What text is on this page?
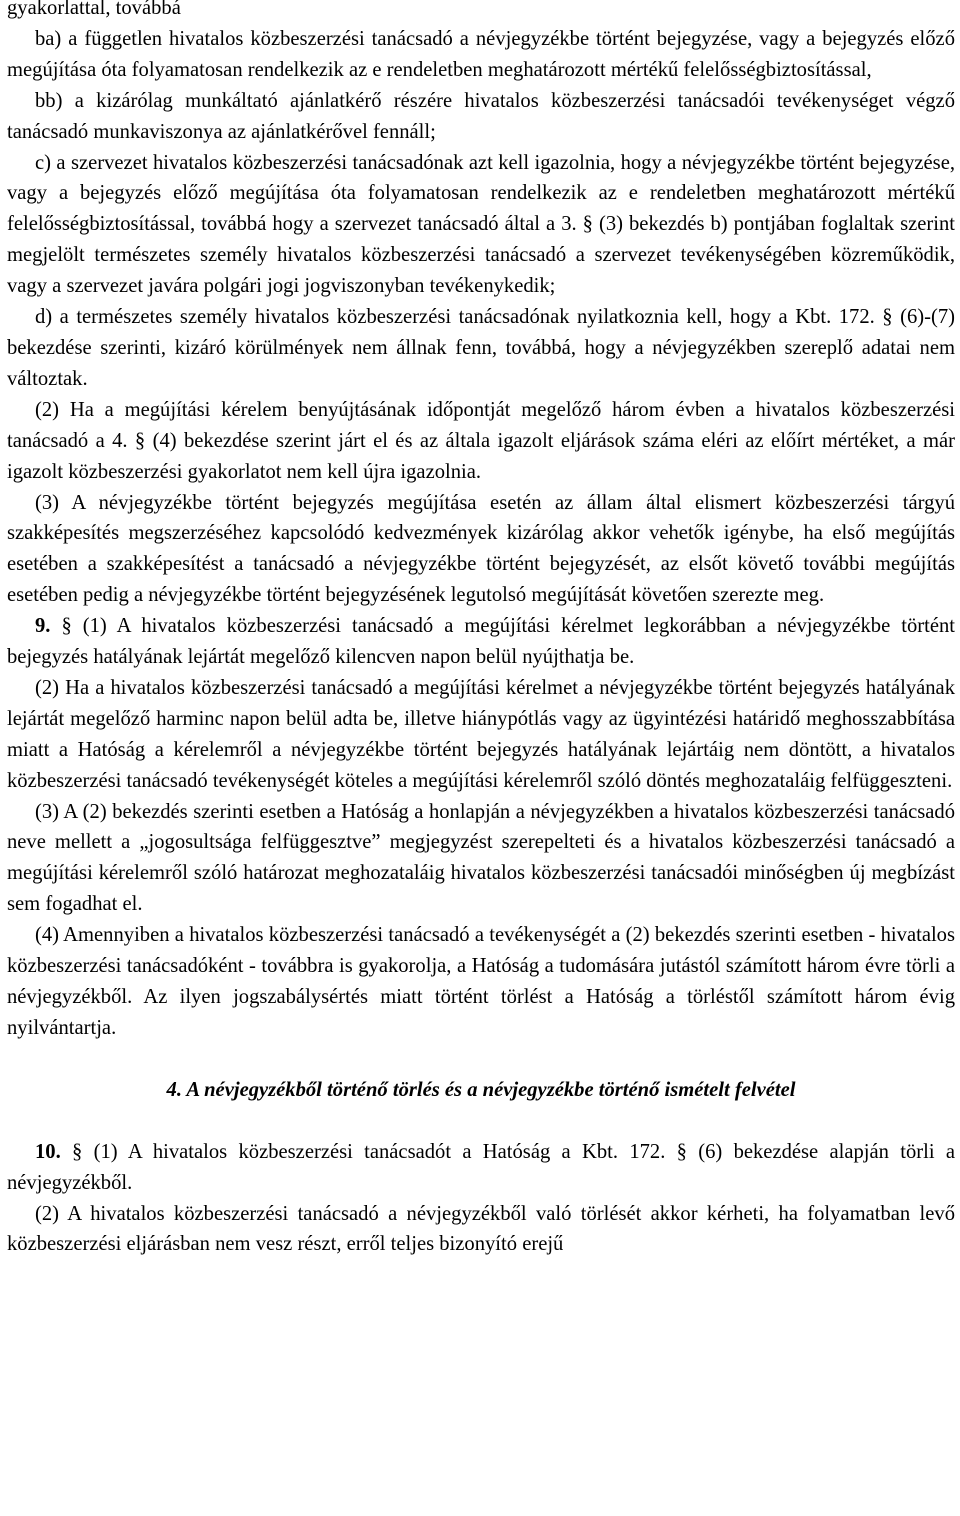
gyakorlattal, továbbá

ba) a független hivatalos közbeszerzési tanácsadó a névjegyzékbe történt bejegyzése, vagy a bejegyzés előző megújítása óta folyamatosan rendelkezik az e rendeletben meghatározott mértékű felelősségbiztosítással,

bb) a kizárólag munkáltató ajánlatkérő részére hivatalos közbeszerzési tanácsadói tevékenységet végző tanácsadó munkaviszonya az ajánlatkérővel fennáll;

c) a szervezet hivatalos közbeszerzési tanácsadónak azt kell igazolnia, hogy a névjegyzékbe történt bejegyzése, vagy a bejegyzés előző megújítása óta folyamatosan rendelkezik az e rendeletben meghatározott mértékű felelősségbiztosítással, továbbá hogy a szervezet tanácsadó által a 3. § (3) bekezdés b) pontjában foglaltak szerint megjelölt természetes személy hivatalos közbeszerzési tanácsadó a szervezet tevékenységében közreműködik, vagy a szervezet javára polgári jogi jogviszonyban tevékenykedik;

d) a természetes személy hivatalos közbeszerzési tanácsadónak nyilatkoznia kell, hogy a Kbt. 172. § (6)-(7) bekezdése szerinti, kizáró körülmények nem állnak fenn, továbbá, hogy a névjegyzékben szereplő adatai nem változtak.

(2) Ha a megújítási kérelem benyújtásának időpontját megelőző három évben a hivatalos közbeszerzési tanácsadó a 4. § (4) bekezdése szerint járt el és az általa igazolt eljárások száma eléri az előírt mértéket, a már igazolt közbeszerzési gyakorlatot nem kell újra igazolnia.

(3) A névjegyzékbe történt bejegyzés megújítása esetén az állam által elismert közbeszerzési tárgyú szakképesítés megszerzéséhez kapcsolódó kedvezmények kizárólag akkor vehetők igénybe, ha első megújítás esetében a szakképesítést a tanácsadó a névjegyzékbe történt bejegyzését, az elsőt követő további megújítás esetében pedig a névjegyzékbe történt bejegyzésének legutolsó megújítását követően szerezte meg.

9. § (1) A hivatalos közbeszerzési tanácsadó a megújítási kérelmet legkorábban a névjegyzékbe történt bejegyzés hatályának lejártát megelőző kilencven napon belül nyújthatja be.

(2) Ha a hivatalos közbeszerzési tanácsadó a megújítási kérelmet a névjegyzékbe történt bejegyzés hatályának lejártát megelőző harminc napon belül adta be, illetve hiánypótlás vagy az ügyintézési határidő meghosszabbítása miatt a Hatóság a kérelemről a névjegyzékbe történt bejegyzés hatályának lejártáig nem döntött, a hivatalos közbeszerzési tanácsadó tevékenységét köteles a megújítási kérelemről szóló döntés meghozataláig felfüggeszteni.

(3) A (2) bekezdés szerinti esetben a Hatóság a honlapján a névjegyzékben a hivatalos közbeszerzési tanácsadó neve mellett a „jogosultsága felfüggesztve” megjegyzést szerepelteti és a hivatalos közbeszerzési tanácsadó a megújítási kérelemről szóló határozat meghozataláig hivatalos közbeszerzési tanácsadói minőségben új megbízást sem fogadhat el.

(4) Amennyiben a hivatalos közbeszerzési tanácsadó a tevékenységét a (2) bekezdés szerinti esetben - hivatalos közbeszerzési tanácsadóként - továbbra is gyakorolja, a Hatóság a tudomására jutástól számított három évre törli a névjegyzékből. Az ilyen jogszabálysértés miatt történt törlést a Hatóság a törléstől számított három évig nyilvántartja.

4. A névjegyzékből történő törlés és a névjegyzékbe történő ismételt felvétel

10. § (1) A hivatalos közbeszerzési tanácsadót a Hatóság a Kbt. 172. § (6) bekezdése alapján törli a névjegyzékből.

(2) A hivatalos közbeszerzési tanácsadó a névjegyzékből való törlését akkor kérheti, ha folyamatban levő közbeszerzési eljárásban nem vesz részt, erről teljes bizonyító erejű
